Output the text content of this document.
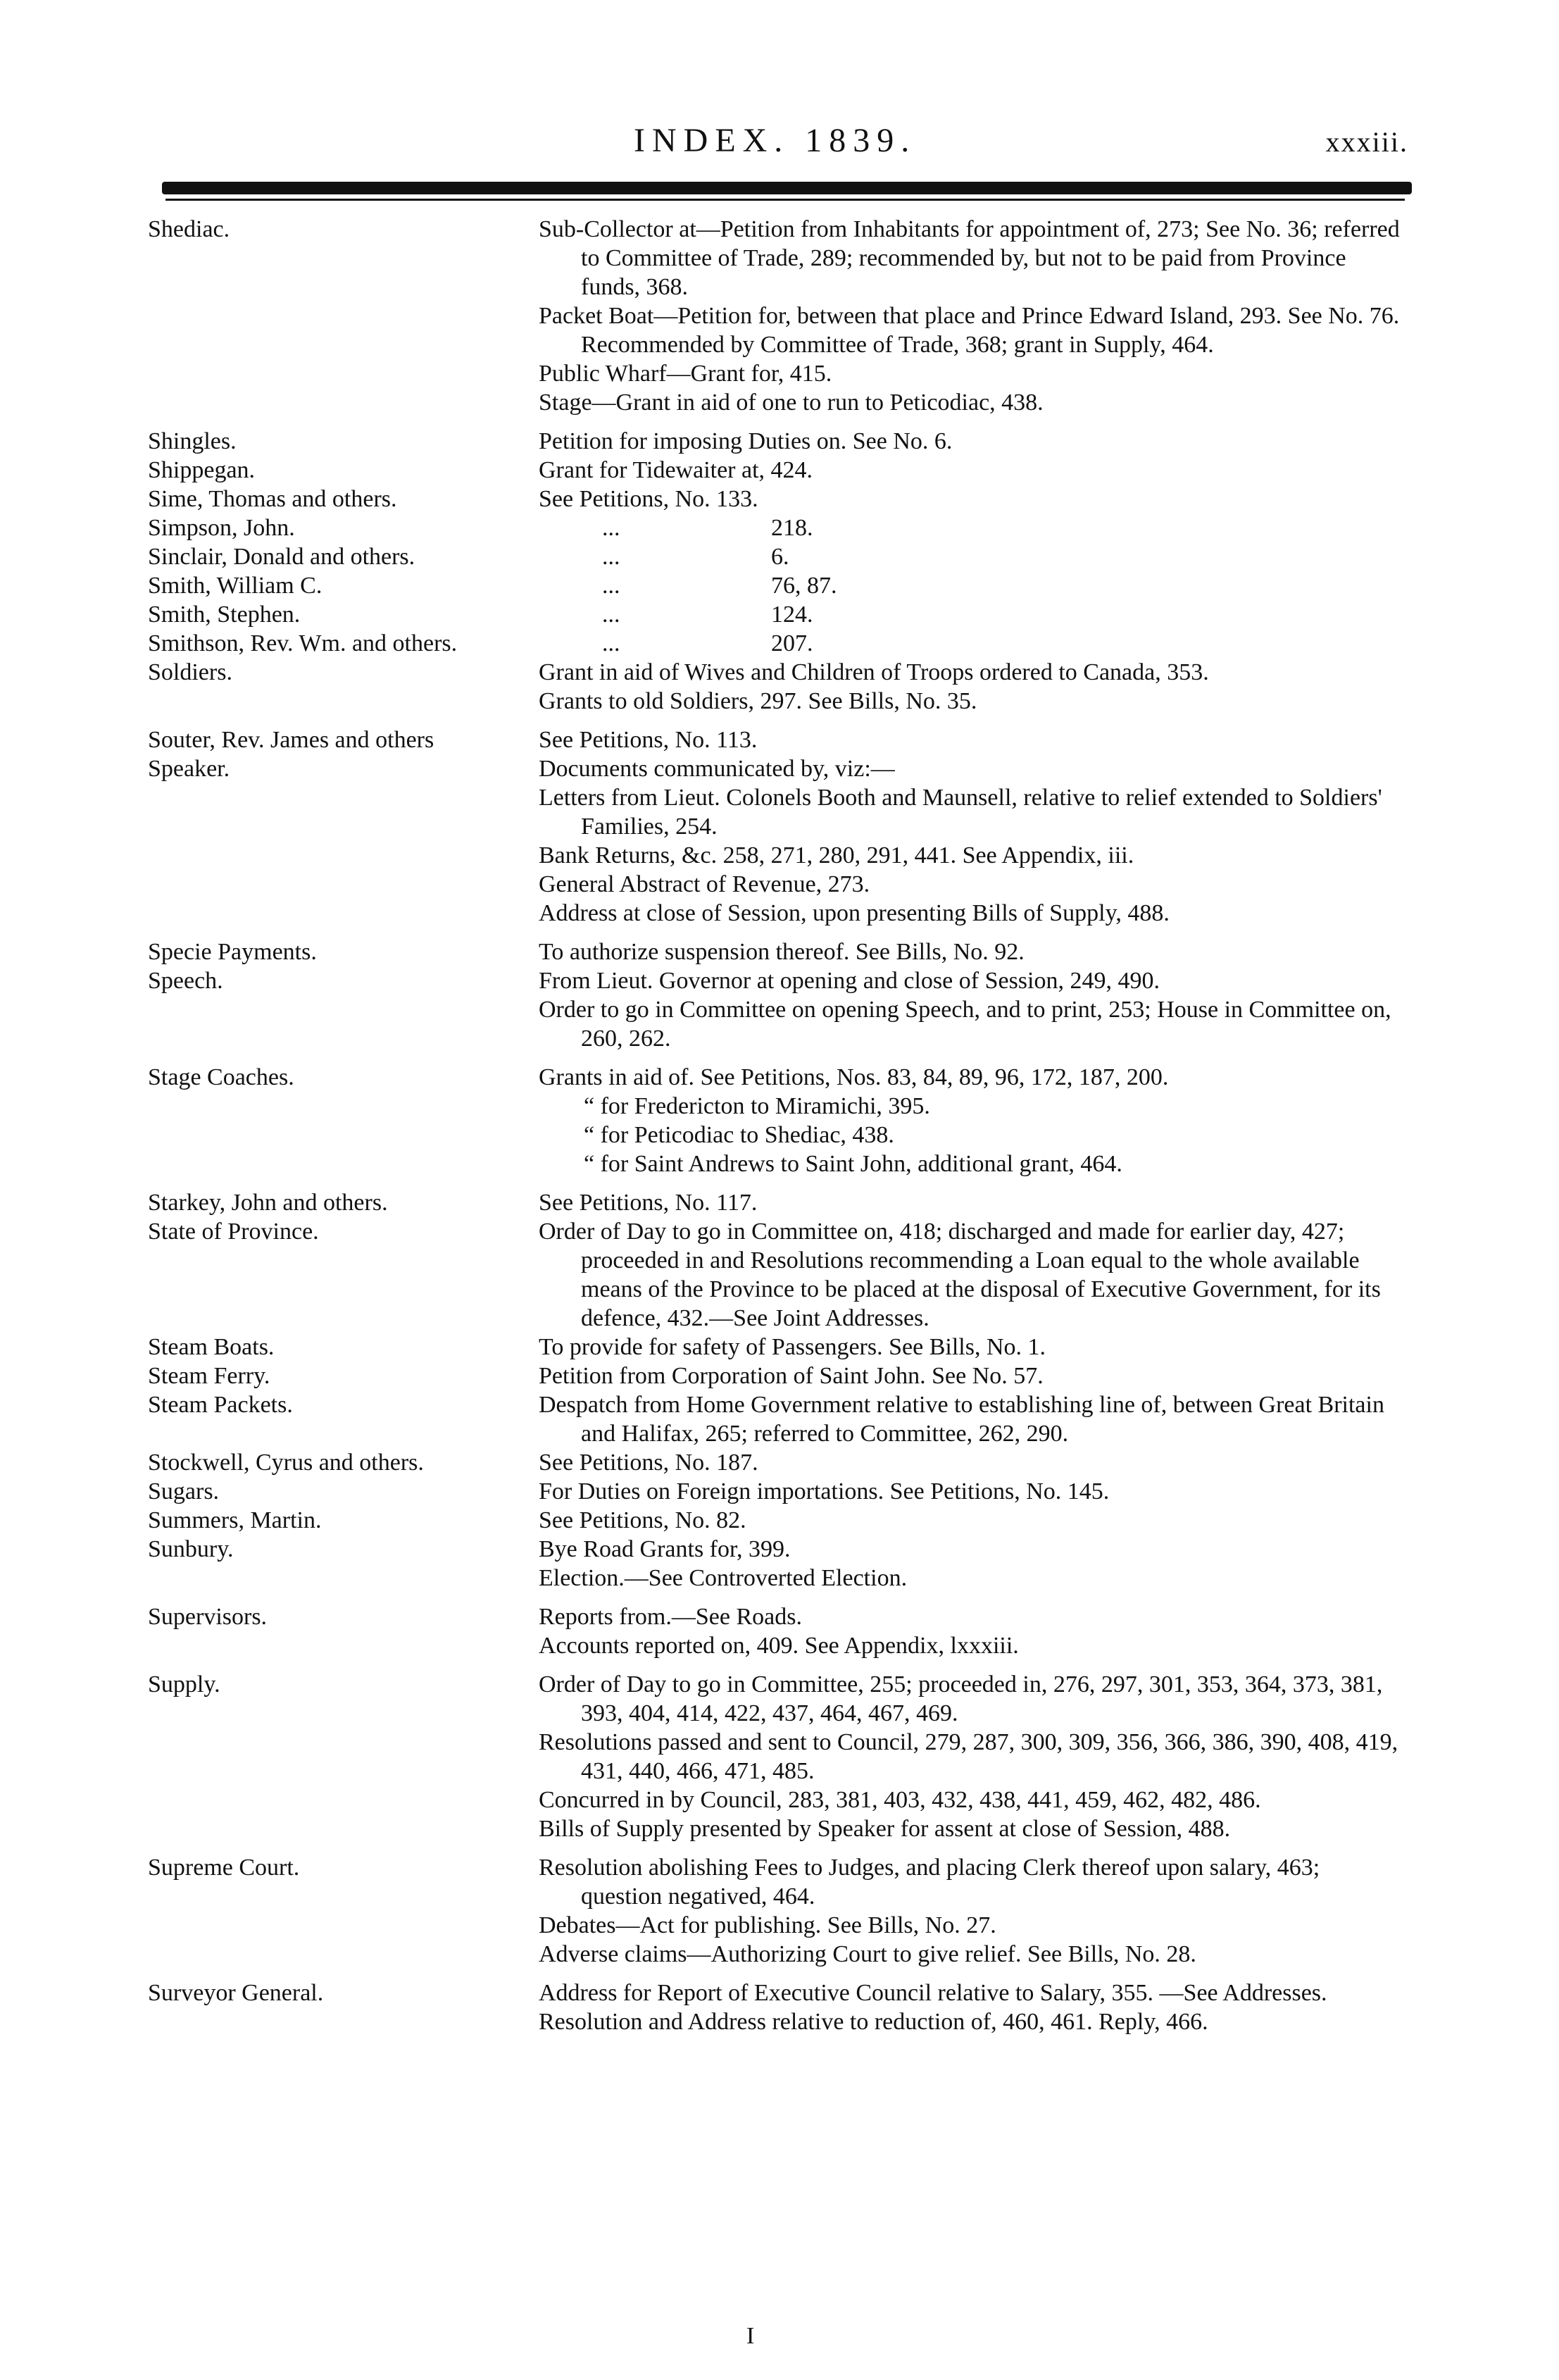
INDEX. 1839.	xxxiii.
Shediac.	Sub-Collector at—Petition from Inhabitants for appointment of, 273; See No. 36; referred to Committee of Trade, 289; recommended by, but not to be paid from Province funds, 368.
Packet Boat—Petition for, between that place and Prince Edward Island, 293. See No. 76. Recommended by Committee of Trade, 368; grant in Supply, 464.
Public Wharf—Grant for, 415.
Stage—Grant in aid of one to run to Peticodiac, 438.
Shingles.	Petition for imposing Duties on. See No. 6.
Shippegan.	Grant for Tidewaiter at, 424.
Sime, Thomas and others.	See Petitions, No. 133.
Simpson, John.	...	218.
Sinclair, Donald and others.	...	6.
Smith, William C.	...	76, 87.
Smith, Stephen.	...	124.
Smithson, Rev. Wm. and others.	...	207.
Soldiers.	Grant in aid of Wives and Children of Troops ordered to Canada, 353.
Grants to old Soldiers, 297. See Bills, No. 35.
Souter, Rev. James and others	See Petitions, No. 113.
Speaker.	Documents communicated by, viz:—
Letters from Lieut. Colonels Booth and Maunsell, relative to relief extended to Soldiers' Families, 254.
Bank Returns, &c. 258, 271, 280, 291, 441. See Appendix, iii.
General Abstract of Revenue, 273.
Address at close of Session, upon presenting Bills of Supply, 488.
Specie Payments.	To authorize suspension thereof. See Bills, No. 92.
Speech.	From Lieut. Governor at opening and close of Session, 249, 490.
Order to go in Committee on opening Speech, and to print, 253; House in Committee on, 260, 262.
Stage Coaches.	Grants in aid of. See Petitions, Nos. 83, 84, 89, 96, 172, 187, 200.
“ for Fredericton to Miramichi, 395.
“ for Peticodiac to Shediac, 438.
“ for Saint Andrews to Saint John, additional grant, 464.
Starkey, John and others.	See Petitions, No. 117.
State of Province.	Order of Day to go in Committee on, 418; discharged and made for earlier day, 427; proceeded in and Resolutions recommending a Loan equal to the whole available means of the Province to be placed at the disposal of Executive Government, for its defence, 432.—See Joint Addresses.
Steam Boats.	To provide for safety of Passengers. See Bills, No. 1.
Steam Ferry.	Petition from Corporation of Saint John. See No. 57.
Steam Packets.	Despatch from Home Government relative to establishing line of, between Great Britain and Halifax, 265; referred to Committee, 262, 290.
Stockwell, Cyrus and others.	See Petitions, No. 187.
Sugars.	For Duties on Foreign importations. See Petitions, No. 145.
Summers, Martin.	See Petitions, No. 82.
Sunbury.	Bye Road Grants for, 399.
Election.—See Controverted Election.
Supervisors.	Reports from.—See Roads.
Accounts reported on, 409. See Appendix, lxxxiii.
Supply.	Order of Day to go in Committee, 255; proceeded in, 276, 297, 301, 353, 364, 373, 381, 393, 404, 414, 422, 437, 464, 467, 469.
Resolutions passed and sent to Council, 279, 287, 300, 309, 356, 366, 386, 390, 408, 419, 431, 440, 466, 471, 485.
Concurred in by Council, 283, 381, 403, 432, 438, 441, 459, 462, 482, 486.
Bills of Supply presented by Speaker for assent at close of Session, 488.
Supreme Court.	Resolution abolishing Fees to Judges, and placing Clerk thereof upon salary, 463; question negatived, 464.
Debates—Act for publishing. See Bills, No. 27.
Adverse claims—Authorizing Court to give relief. See Bills, No. 28.
Surveyor General.	Address for Report of Executive Council relative to Salary, 355. —See Addresses.
Resolution and Address relative to reduction of, 460, 461. Reply, 466.
I
